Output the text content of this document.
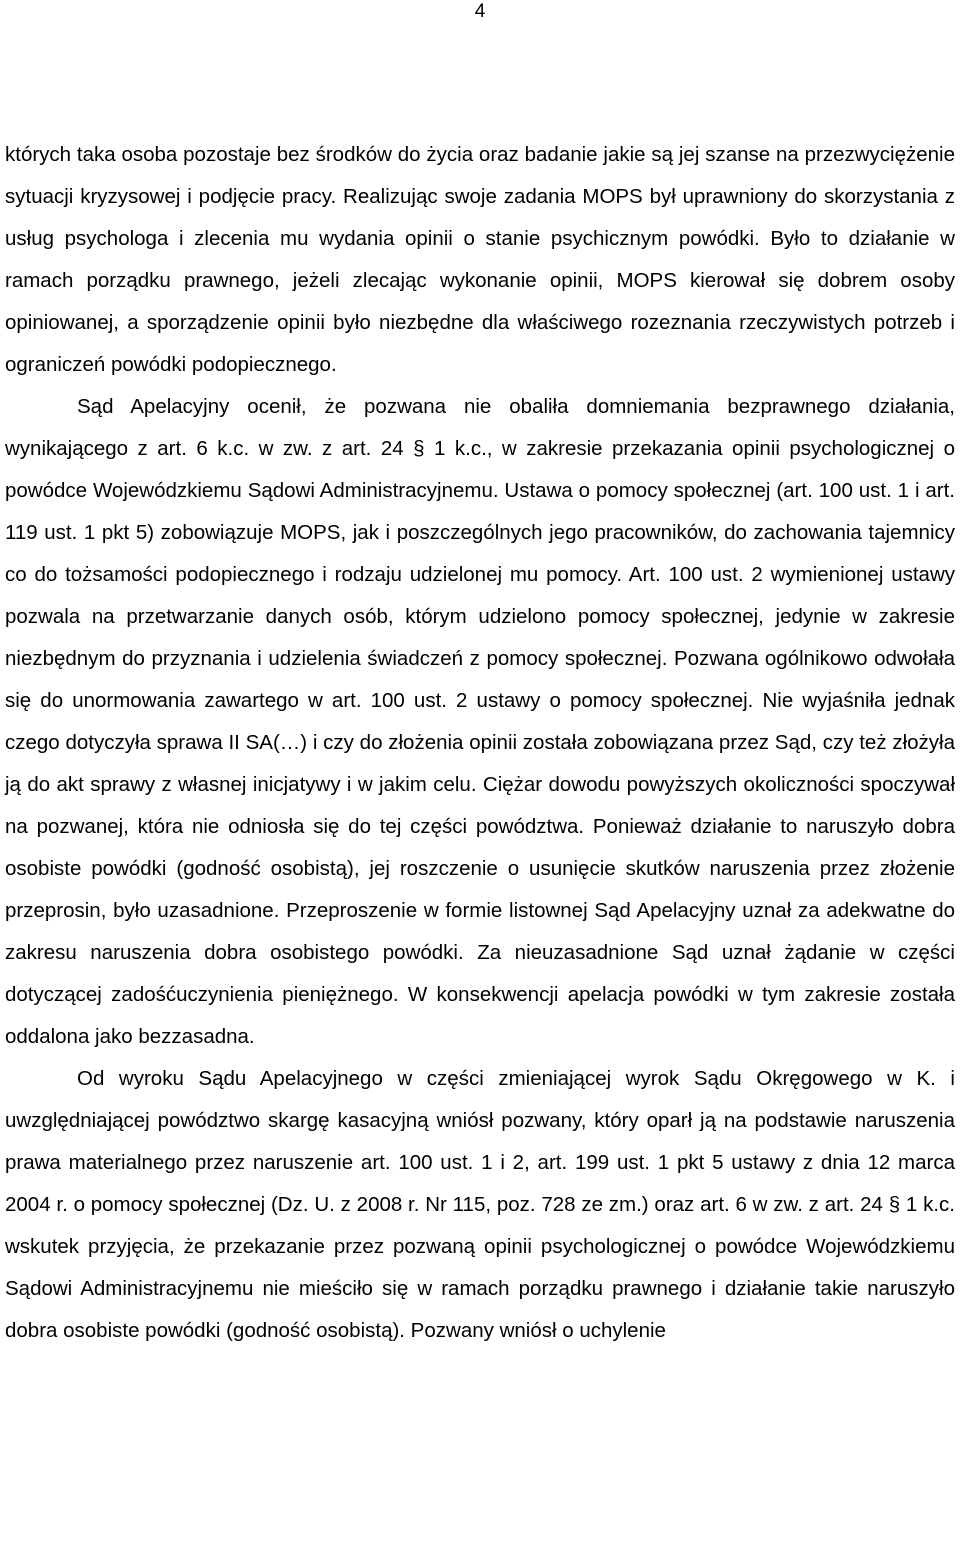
4

których taka osoba pozostaje bez środków do życia oraz badanie jakie są jej szanse na przezwyciężenie sytuacji kryzysowej i podjęcie pracy. Realizując swoje zadania MOPS był uprawniony do skorzystania z usług psychologa i zlecenia mu wydania opinii o stanie psychicznym powódki. Było to działanie w ramach porządku prawnego, jeżeli zlecając wykonanie opinii, MOPS kierował się dobrem osoby opiniowanej, a sporządzenie opinii było niezbędne dla właściwego rozeznania rzeczywistych potrzeb i ograniczeń powódki podopiecznego.

Sąd Apelacyjny ocenił, że pozwana nie obaliła domniemania bezprawnego działania, wynikającego z art. 6 k.c. w zw. z art. 24 § 1 k.c., w zakresie przekazania opinii psychologicznej o powódce Wojewódzkiemu Sądowi Administracyjnemu. Ustawa o pomocy społecznej (art. 100 ust. 1 i art. 119 ust. 1 pkt 5) zobowiązuje MOPS, jak i poszczególnych jego pracowników, do zachowania tajemnicy co do tożsamości podopiecznego i rodzaju udzielonej mu pomocy. Art. 100 ust. 2 wymienionej ustawy pozwala na przetwarzanie danych osób, którym udzielono pomocy społecznej, jedynie w zakresie niezbędnym do przyznania i udzielenia świadczeń z pomocy społecznej. Pozwana ogólnikowo odwołała się do unormowania zawartego w art. 100 ust. 2 ustawy o pomocy społecznej. Nie wyjaśniła jednak czego dotyczyła sprawa II SA(…) i czy do złożenia opinii została zobowiązana przez Sąd, czy też złożyła ją do akt sprawy z własnej inicjatywy i w jakim celu. Ciężar dowodu powyższych okoliczności spoczywał na pozwanej, która nie odniosła się do tej części powództwa. Ponieważ działanie to naruszyło dobra osobiste powódki (godność osobistą), jej roszczenie o usunięcie skutków naruszenia przez złożenie przeprosin, było uzasadnione. Przeproszenie w formie listownej Sąd Apelacyjny uznał za adekwatne do zakresu naruszenia dobra osobistego powódki. Za nieuzasadnione Sąd uznał żądanie w części dotyczącej zadośćuczynienia pieniężnego. W konsekwencji apelacja powódki w tym zakresie została oddalona jako bezzasadna.

Od wyroku Sądu Apelacyjnego w części zmieniającej wyrok Sądu Okręgowego w K. i uwzględniającej powództwo skargę kasacyjną wniósł pozwany, który oparł ją na podstawie naruszenia prawa materialnego przez naruszenie art. 100 ust. 1 i 2, art. 199 ust. 1 pkt 5 ustawy z dnia 12 marca 2004 r. o pomocy społecznej (Dz. U. z 2008 r. Nr 115, poz. 728 ze zm.) oraz art. 6 w zw. z art. 24 § 1 k.c. wskutek przyjęcia, że przekazanie przez pozwaną opinii psychologicznej o powódce Wojewódzkiemu Sądowi Administracyjnemu nie mieściło się w ramach porządku prawnego i działanie takie naruszyło dobra osobiste powódki (godność osobistą). Pozwany wniósł o uchylenie
